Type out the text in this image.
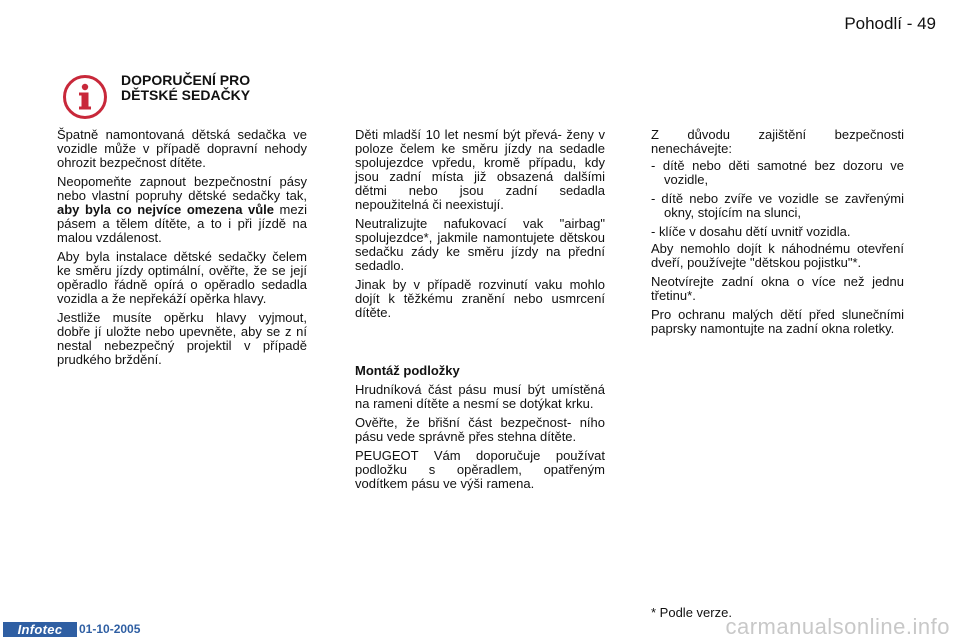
Pohodlí - 49
DOPORUČENÍ PRO
DĚTSKÉ SEDAČKY

Špatně namontovaná dětská sedačka ve vozidle může v případě dopravní nehody ohrozit bezpečnost dítěte.

Neopomeňte zapnout bezpečnostní pásy nebo vlastní popruhy dětské sedačky tak, aby byla co nejvíce omezena vůle mezi pásem a tělem dítěte, a to i při jízdě na malou vzdálenost.

Aby byla instalace dětské sedačky čelem ke směru jízdy optimální, ověřte, že se její opěradlo řádně opírá o opěradlo sedadla vozidla a že nepřekáží opěrka hlavy.

Jestliže musíte opěrku hlavy vyjmout, dobře jí uložte nebo upevněte, aby se z ní nestal nebezpečný projektil v případě prudkého brždění.

Děti mladší 10 let nesmí být převá- ženy v poloze čelem ke směru jízdy na sedadle spolujezdce vpředu, kromě případu, kdy jsou zadní místa již obsazená dalšími dětmi nebo jsou zadní sedadla nepoužitelná či neexistují.

Neutralizujte nafukovací vak "airbag" spolujezdce*, jakmile namontujete dětskou sedačku zády ke směru jízdy na přední sedadlo.

Jinak by v případě rozvinutí vaku mohlo dojít k těžkému zranění nebo usmrcení dítěte.

Montáž podložky

Hrudníková část pásu musí být umístěná na rameni dítěte a nesmí se dotýkat krku.

Ověřte, že břišní část bezpečnost- ního pásu vede správně přes stehna dítěte.

PEUGEOT Vám doporučuje používat podložku s opěradlem, opatřeným vodítkem pásu ve výši ramena.

Z důvodu zajištění bezpečnosti nenechávejte:

- dítě nebo děti samotné bez dozoru ve vozidle,

- dítě nebo zvíře ve vozidle se zavřenými okny, stojícím na slunci,

- klíče v dosahu dětí uvnitř vozidla.

Aby nemohlo dojít k náhodnému otevření dveří, používejte "dětskou pojistku"*.

Neotvírejte zadní okna o více než jednu třetinu*.

Pro ochranu malých dětí před slunečními paprsky namontujte na zadní okna roletky.

* Podle verze.
Infotec	01-10-2005	carmanualsonline.info
